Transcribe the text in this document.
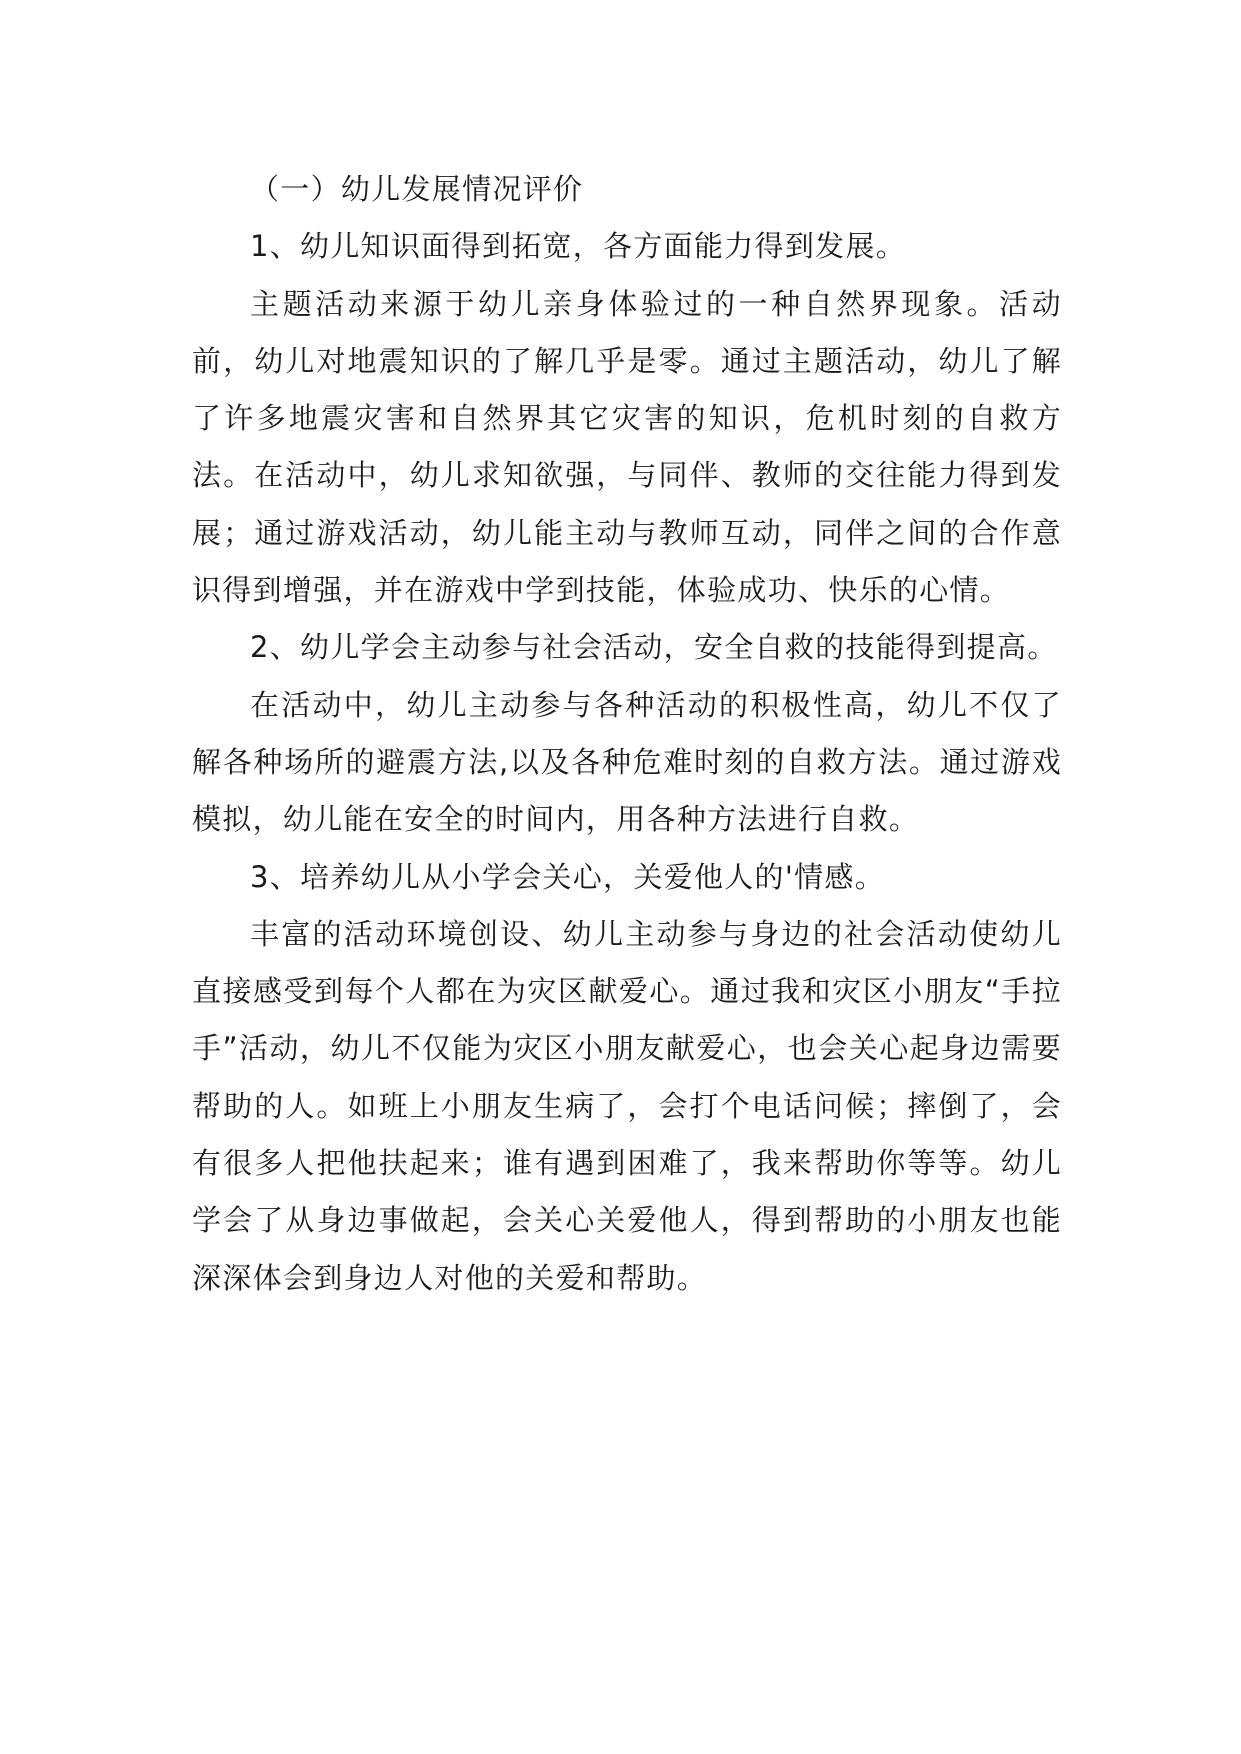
（一）幼儿发展情况评价

1、幼儿知识面得到拓宽，各方面能力得到发展。

主题活动来源于幼儿亲身体验过的一种自然界现象。活动前，幼儿对地震知识的了解几乎是零。通过主题活动，幼儿了解了许多地震灾害和自然界其它灾害的知识，危机时刻的自救方法。在活动中，幼儿求知欲强，与同伴、教师的交往能力得到发展；通过游戏活动，幼儿能主动与教师互动，同伴之间的合作意识得到增强，并在游戏中学到技能，体验成功、快乐的心情。

2、幼儿学会主动参与社会活动，安全自救的技能得到提高。

在活动中，幼儿主动参与各种活动的积极性高，幼儿不仅了解各种场所的避震方法,以及各种危难时刻的自救方法。通过游戏模拟，幼儿能在安全的时间内，用各种方法进行自救。

3、培养幼儿从小学会关心，关爱他人的'情感。

丰富的活动环境创设、幼儿主动参与身边的社会活动使幼儿直接感受到每个人都在为灾区献爱心。通过我和灾区小朋友“手拉手”活动，幼儿不仅能为灾区小朋友献爱心，也会关心起身边需要帮助的人。如班上小朋友生病了，会打个电话问候；摔倒了，会有很多人把他扶起来；谁有遇到困难了，我来帮助你等等。幼儿学会了从身边事做起，会关心关爱他人，得到帮助的小朋友也能深深体会到身边人对他的关爱和帮助。
